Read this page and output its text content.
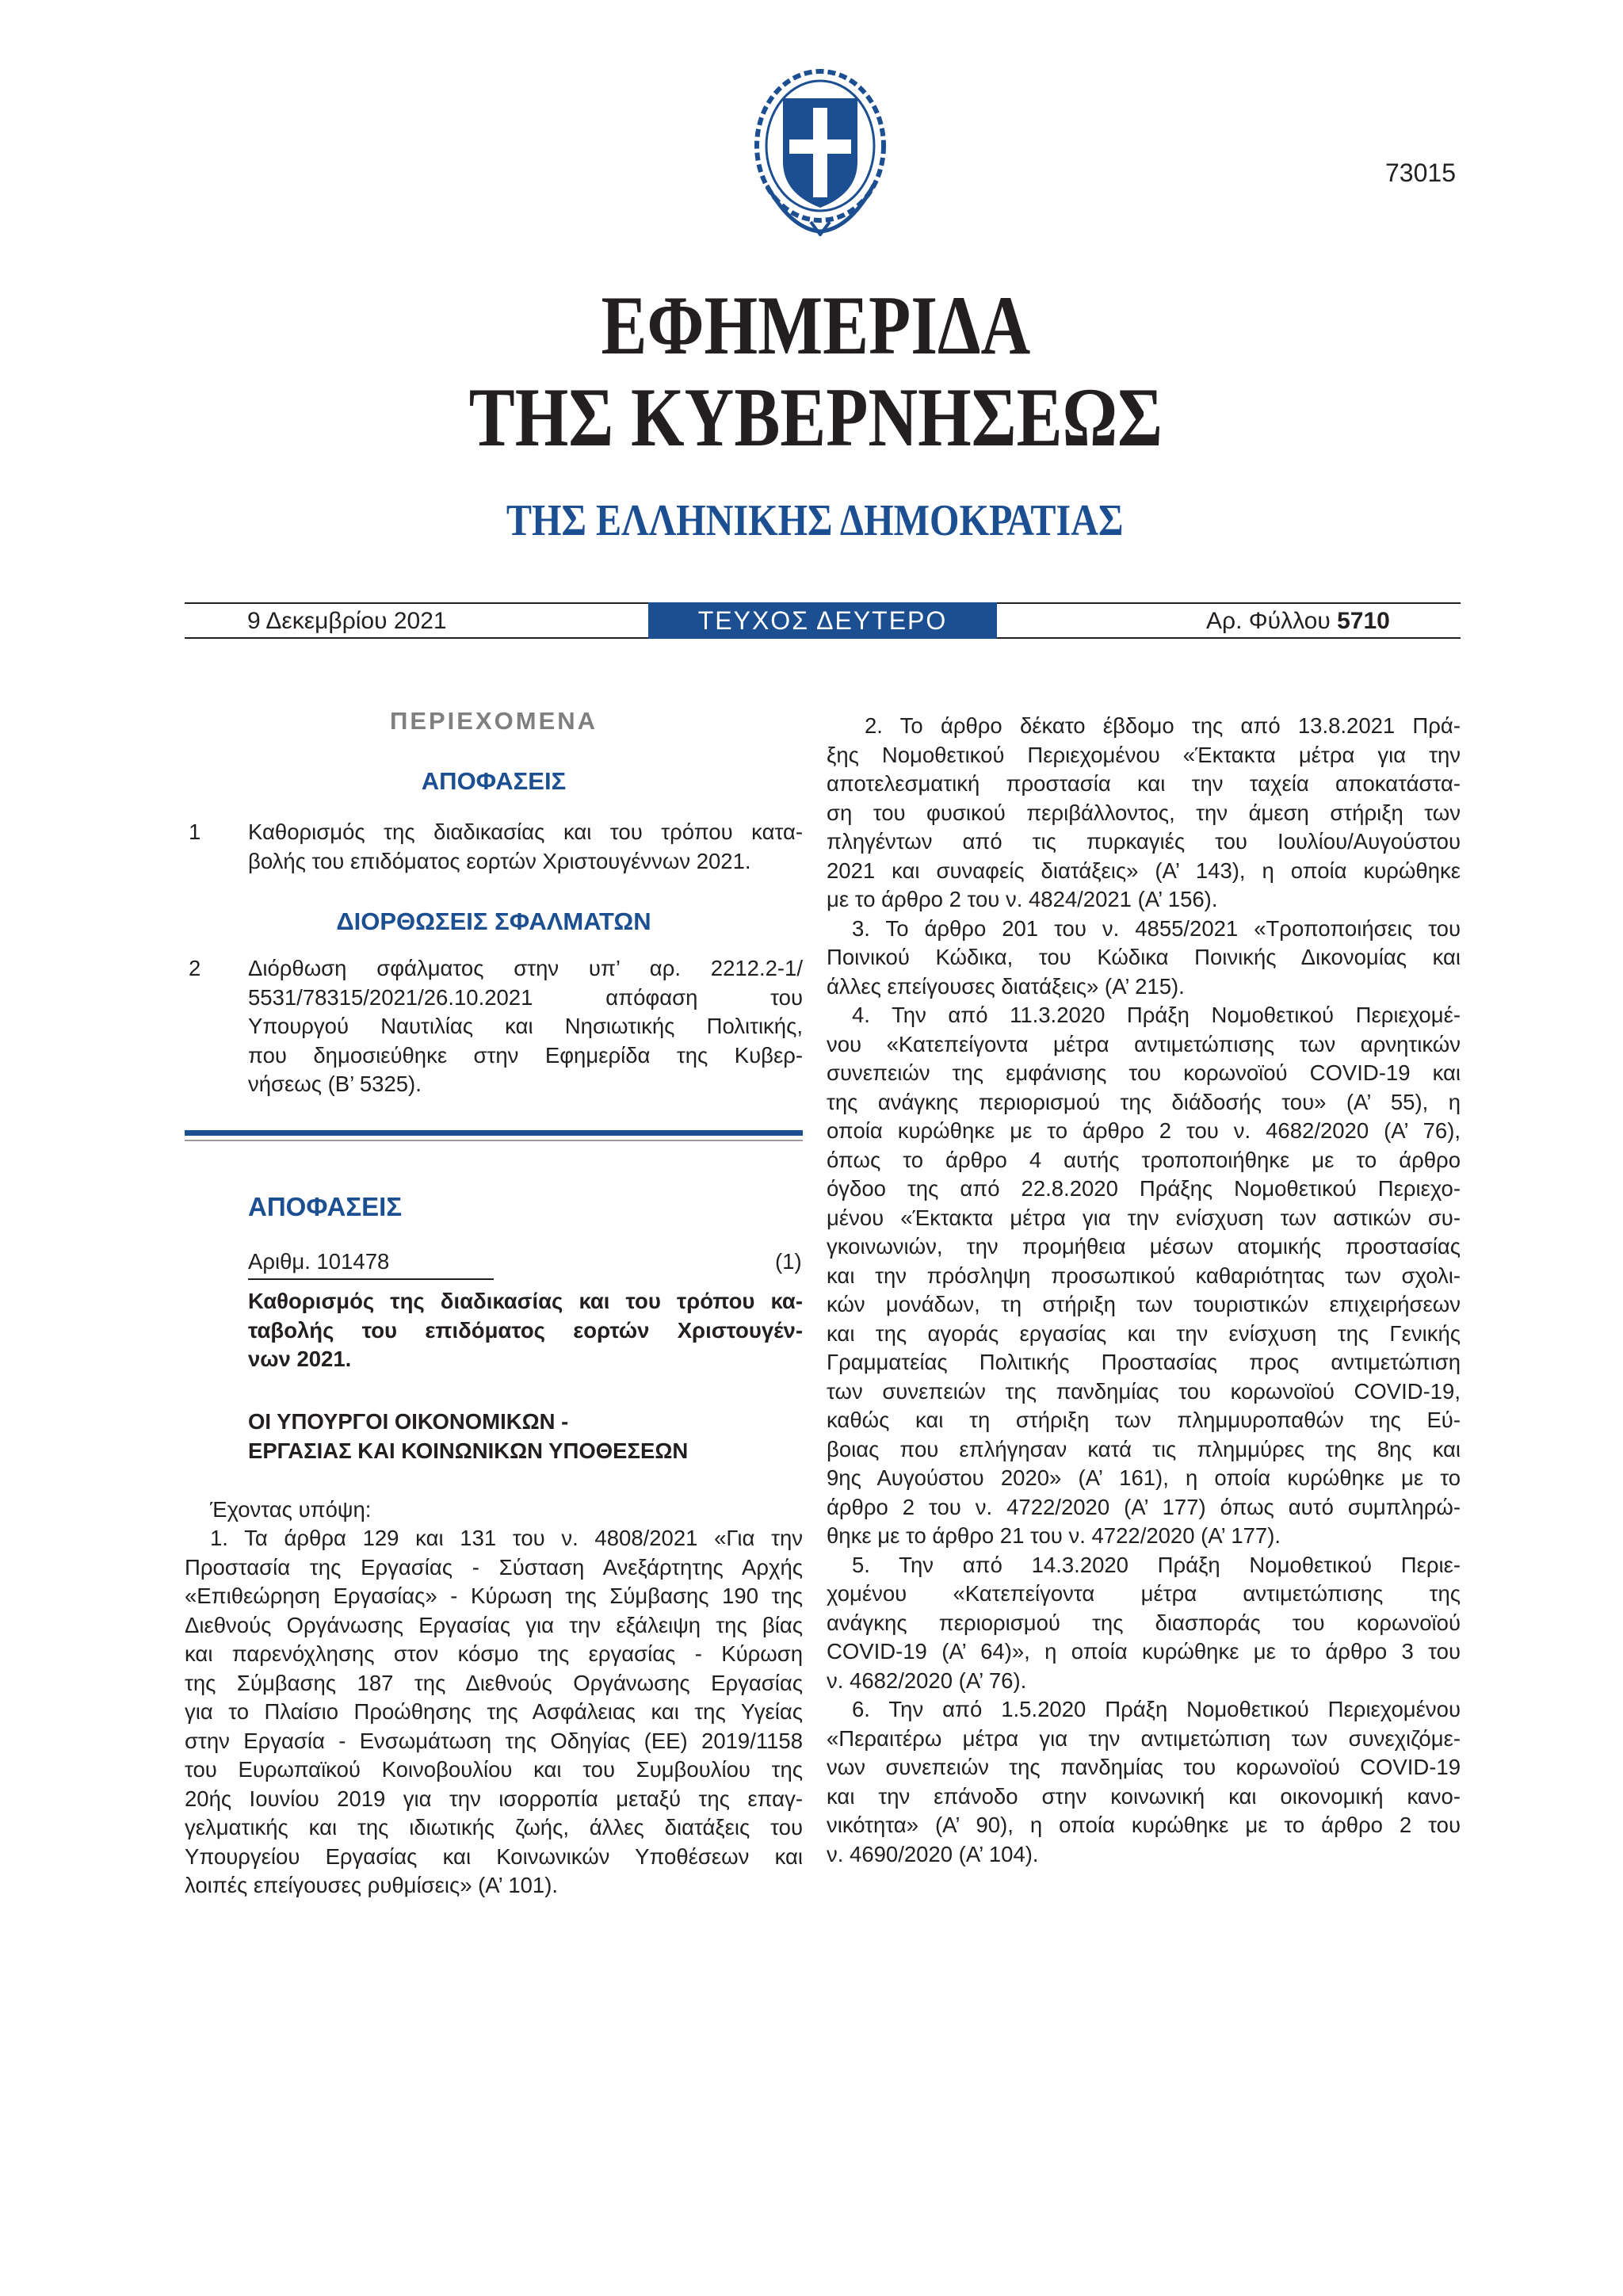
73015
ΕΦΗΜΕΡΙΔΑ
ΤΗΣ ΚΥΒΕΡΝΗΣΕΩΣ
ΤΗΣ ΕΛΛΗΝΙΚΗΣ ΔΗΜΟΚΡΑΤΙΑΣ
9 Δεκεμβρίου 2021	ΤΕΥΧΟΣ ΔΕΥΤΕΡΟ	Αρ. Φύλλου 5710
ΠΕΡΙΕΧΟΜΕΝΑ
ΑΠΟΦΑΣΕΙΣ
1 Καθορισμός της διαδικασίας και του τρόπου κατα-
βολής του επιδόματος εορτών Χριστουγέννων 2021.
ΔΙΟΡΘΩΣΕΙΣ ΣΦΑΛΜΑΤΩΝ
2 Διόρθωση σφάλματος στην υπ’ αρ. 2212.2-1/
5531/78315/2021/26.10.2021 απόφαση του
Υπουργού Ναυτιλίας και Νησιωτικής Πολιτικής,
που δημοσιεύθηκε στην Εφημερίδα της Κυβερ-
νήσεως (Β’ 5325).
ΑΠΟΦΑΣΕΙΣ
Αριθμ. 101478	(1)
Καθορισμός της διαδικασίας και του τρόπου κα-
ταβολής του επιδόματος εορτών Χριστουγέν-
νων 2021.
ΟΙ ΥΠΟΥΡΓΟΙ ΟΙΚΟΝΟΜΙΚΩΝ -
ΕΡΓΑΣΙΑΣ ΚΑΙ ΚΟΙΝΩΝΙΚΩΝ ΥΠΟΘΕΣΕΩΝ
Έχοντας υπόψη:
1. Τα άρθρα 129 και 131 του ν. 4808/2021 «Για την
Προστασία της Εργασίας - Σύσταση Ανεξάρτητης Αρχής
«Επιθεώρηση Εργασίας» - Κύρωση της Σύμβασης 190 της
Διεθνούς Οργάνωσης Εργασίας για την εξάλειψη της βίας
και παρενόχλησης στον κόσμο της εργασίας - Κύρωση
της Σύμβασης 187 της Διεθνούς Οργάνωσης Εργασίας
για το Πλαίσιο Προώθησης της Ασφάλειας και της Υγείας
στην Εργασία - Ενσωμάτωση της Οδηγίας (ΕΕ) 2019/1158
του Ευρωπαϊκού Κοινοβουλίου και του Συμβουλίου της
20ής Ιουνίου 2019 για την ισορροπία μεταξύ της επαγ-
γελματικής και της ιδιωτικής ζωής, άλλες διατάξεις του
Υπουργείου Εργασίας και Κοινωνικών Υποθέσεων και
λοιπές επείγουσες ρυθμίσεις» (Α’ 101).
2. Το άρθρο δέκατο έβδομο της από 13.8.2021 Πρά-
ξης Νομοθετικού Περιεχομένου «Έκτακτα μέτρα για την
αποτελεσματική προστασία και την ταχεία αποκατάστα-
ση του φυσικού περιβάλλοντος, την άμεση στήριξη των
πληγέντων από τις πυρκαγιές του Ιουλίου/Αυγούστου
2021 και συναφείς διατάξεις» (Α’ 143), η οποία κυρώθηκε
με το άρθρο 2 του ν. 4824/2021 (Α’ 156).
3. Το άρθρο 201 του ν. 4855/2021 «Τροποποιήσεις του
Ποινικού Κώδικα, του Κώδικα Ποινικής Δικονομίας και
άλλες επείγουσες διατάξεις» (Α’ 215).
4. Την από 11.3.2020 Πράξη Νομοθετικού Περιεχομέ-
νου «Κατεπείγοντα μέτρα αντιμετώπισης των αρνητικών
συνεπειών της εμφάνισης του κορωνοϊού COVID-19 και
της ανάγκης περιορισμού της διάδοσής του» (Α’ 55), η
οποία κυρώθηκε με το άρθρο 2 του ν. 4682/2020 (Α’ 76),
όπως το άρθρο 4 αυτής τροποποιήθηκε με το άρθρο
όγδοο της από 22.8.2020 Πράξης Νομοθετικού Περιεχο-
μένου «Έκτακτα μέτρα για την ενίσχυση των αστικών συ-
γκοινωνιών, την προμήθεια μέσων ατομικής προστασίας
και την πρόσληψη προσωπικού καθαριότητας των σχολι-
κών μονάδων, τη στήριξη των τουριστικών επιχειρήσεων
και της αγοράς εργασίας και την ενίσχυση της Γενικής
Γραμματείας Πολιτικής Προστασίας προς αντιμετώπιση
των συνεπειών της πανδημίας του κορωνοϊού COVID-19,
καθώς και τη στήριξη των πλημμυροπαθών της Εύ-
βοιας που επλήγησαν κατά τις πλημμύρες της 8ης και
9ης Αυγούστου 2020» (Α’ 161), η οποία κυρώθηκε με το
άρθρο 2 του ν. 4722/2020 (Α’ 177) όπως αυτό συμπληρώ-
θηκε με το άρθρο 21 του ν. 4722/2020 (Α’ 177).
5. Την από 14.3.2020 Πράξη Νομοθετικού Περιε-
χομένου «Κατεπείγοντα μέτρα αντιμετώπισης της
ανάγκης περιορισμού της διασποράς του κορωνοϊού
COVID-19 (Α’ 64)», η οποία κυρώθηκε με το άρθρο 3 του
ν. 4682/2020 (Α’ 76).
6. Την από 1.5.2020 Πράξη Νομοθετικού Περιεχομένου
«Περαιτέρω μέτρα για την αντιμετώπιση των συνεχιζόμε-
νων συνεπειών της πανδημίας του κορωνοϊού COVID-19
και την επάνοδο στην κοινωνική και οικονομική κανο-
νικότητα» (Α’ 90), η οποία κυρώθηκε με το άρθρο 2 του
ν. 4690/2020 (Α’ 104).
